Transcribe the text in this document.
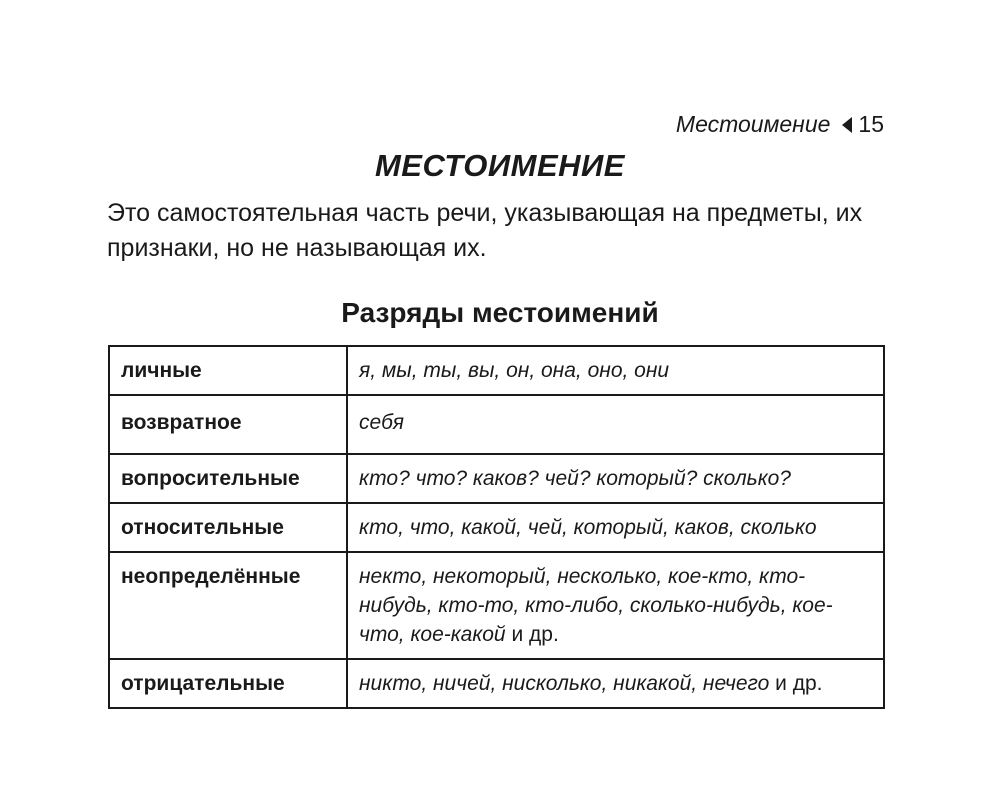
Местоимение 15
МЕСТОИМЕНИЕ

Это самостоятельная часть речи, указывающая на предметы, их признаки, но не называющая их.

Разряды местоимений
личные	я, мы, ты, вы, он, она, оно, они
возвратное	себя
вопросительные	кто? что? каков? чей? который? сколько?
относительные	кто, что, какой, чей, который, каков, сколько
неопределённые	некто, некоторый, несколько, кое-кто, кто-нибудь, кто-то, кто-либо, сколько-нибудь, кое-что, кое-какой и др.
отрицательные	никто, ничей, нисколько, никакой, нечего и др.
